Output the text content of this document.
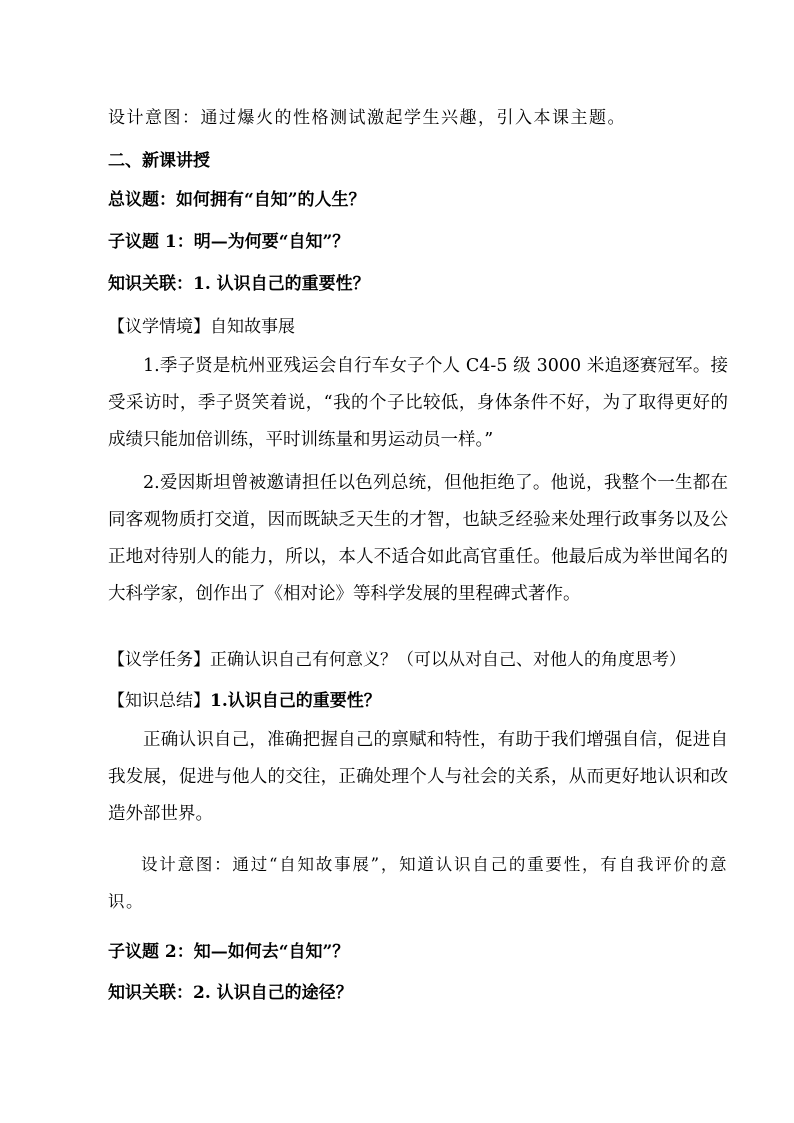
设计意图：通过爆火的性格测试激起学生兴趣，引入本课主题。
二、新课讲授
总议题：如何拥有“自知”的人生？
子议题 1：明—为何要“自知”？
知识关联：1. 认识自己的重要性？
【议学情境】自知故事展
1.季子贤是杭州亚残运会自行车女子个人 C4-5 级 3000 米追逐赛冠军。接受采访时，季子贤笑着说，“我的个子比较低，身体条件不好，为了取得更好的成绩只能加倍训练，平时训练量和男运动员一样。”
2.爱因斯坦曾被邀请担任以色列总统，但他拒绝了。他说，我整个一生都在同客观物质打交道，因而既缺乏天生的才智，也缺乏经验来处理行政事务以及公正地对待别人的能力，所以，本人不适合如此高官重任。他最后成为举世闻名的大科学家，创作出了《相对论》等科学发展的里程碑式著作。
【议学任务】正确认识自己有何意义？（可以从对自己、对他人的角度思考）
【知识总结】1.认识自己的重要性？
正确认识自己，准确把握自己的禀赋和特性，有助于我们增强自信，促进自我发展，促进与他人的交往，正确处理个人与社会的关系，从而更好地认识和改造外部世界。
设计意图：通过“自知故事展”，知道认识自己的重要性，有自我评价的意识。
子议题 2：知—如何去“自知”？
知识关联：2. 认识自己的途径？
